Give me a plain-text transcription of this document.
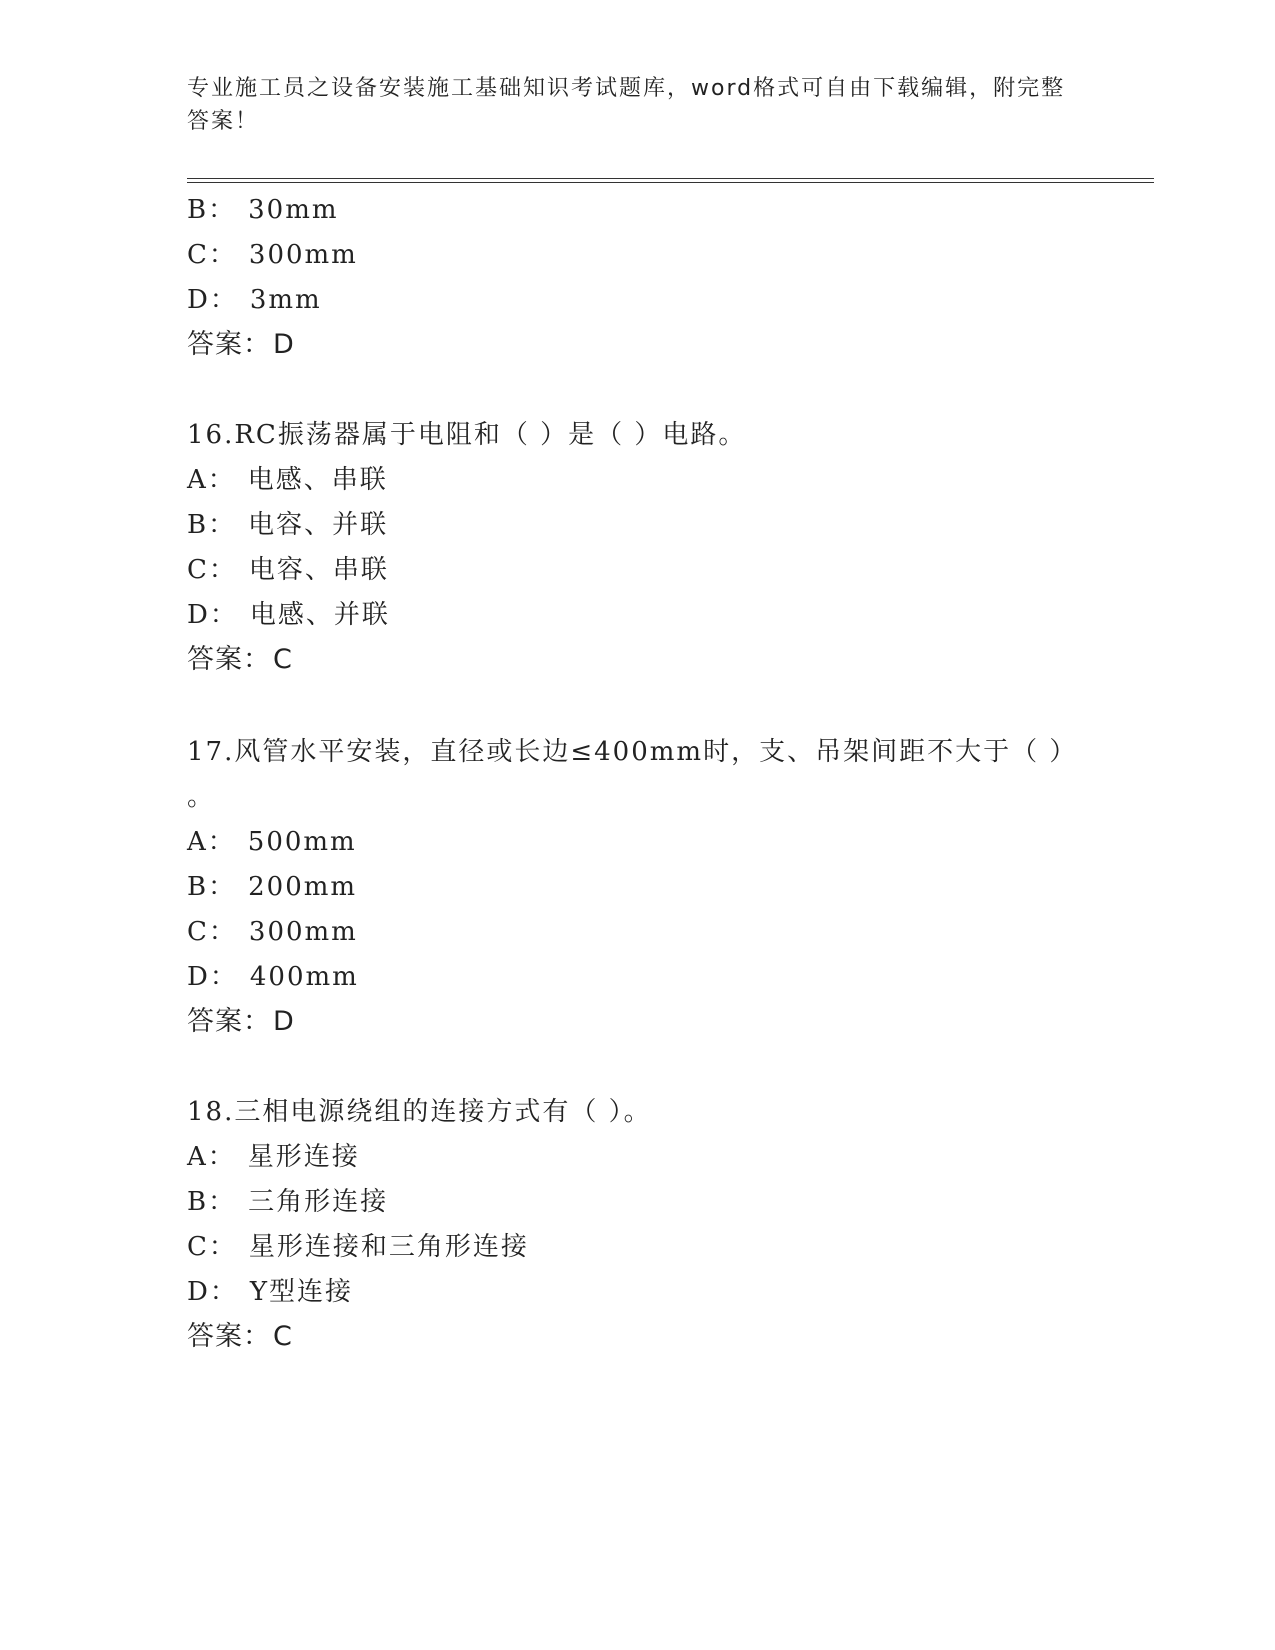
专业施工员之设备安装施工基础知识考试题库，word格式可自由下载编辑，附完整答案！
B： 30mm
C： 300mm
D： 3mm
答案：D
16.RC振荡器属于电阻和（ ）是（ ）电路。
A： 电感、串联
B： 电容、并联
C： 电容、串联
D： 电感、并联
答案：C
17.风管水平安装，直径或长边≤400mm时，支、吊架间距不大于（ ）
。
A： 500mm
B： 200mm
C： 300mm
D： 400mm
答案：D
18.三相电源绕组的连接方式有（ ）。
A： 星形连接
B： 三角形连接
C： 星形连接和三角形连接
D： Y型连接
答案：C
